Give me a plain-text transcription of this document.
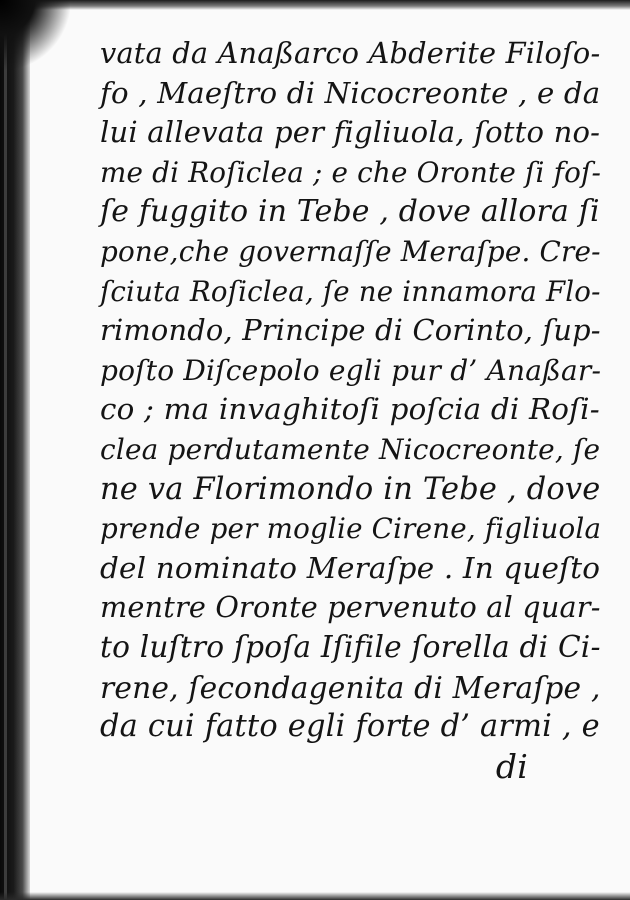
vata da Anaßarco Abderite Filoſo-
fo , Maeſtro di Nicocreonte , e da
lui allevata per figliuola, ſotto no-
me di Roſiclea ; e che Oronte ſi foſ-
ſe fuggito in Tebe , dove allora ſi
pone,che governaſſe Meraſpe. Cre-
ſciuta Roſiclea, ſe ne innamora Flo-
rimondo, Principe di Corinto, ſup-
poſto Diſcepolo egli pur d’ Anaßar-
co ; ma invaghitoſi poſcia di Roſi-
clea perdutamente Nicocreonte, ſe
ne va Florimondo in Tebe , dove
prende per moglie Cirene, figliuola
del nominato Meraſpe . In queſto
mentre Oronte pervenuto al quar-
to luſtro ſpoſa Iſifile ſorella di Ci-
rene, ſecondagenita di Meraſpe ,
da cui fatto egli forte d’ armi , e
di
